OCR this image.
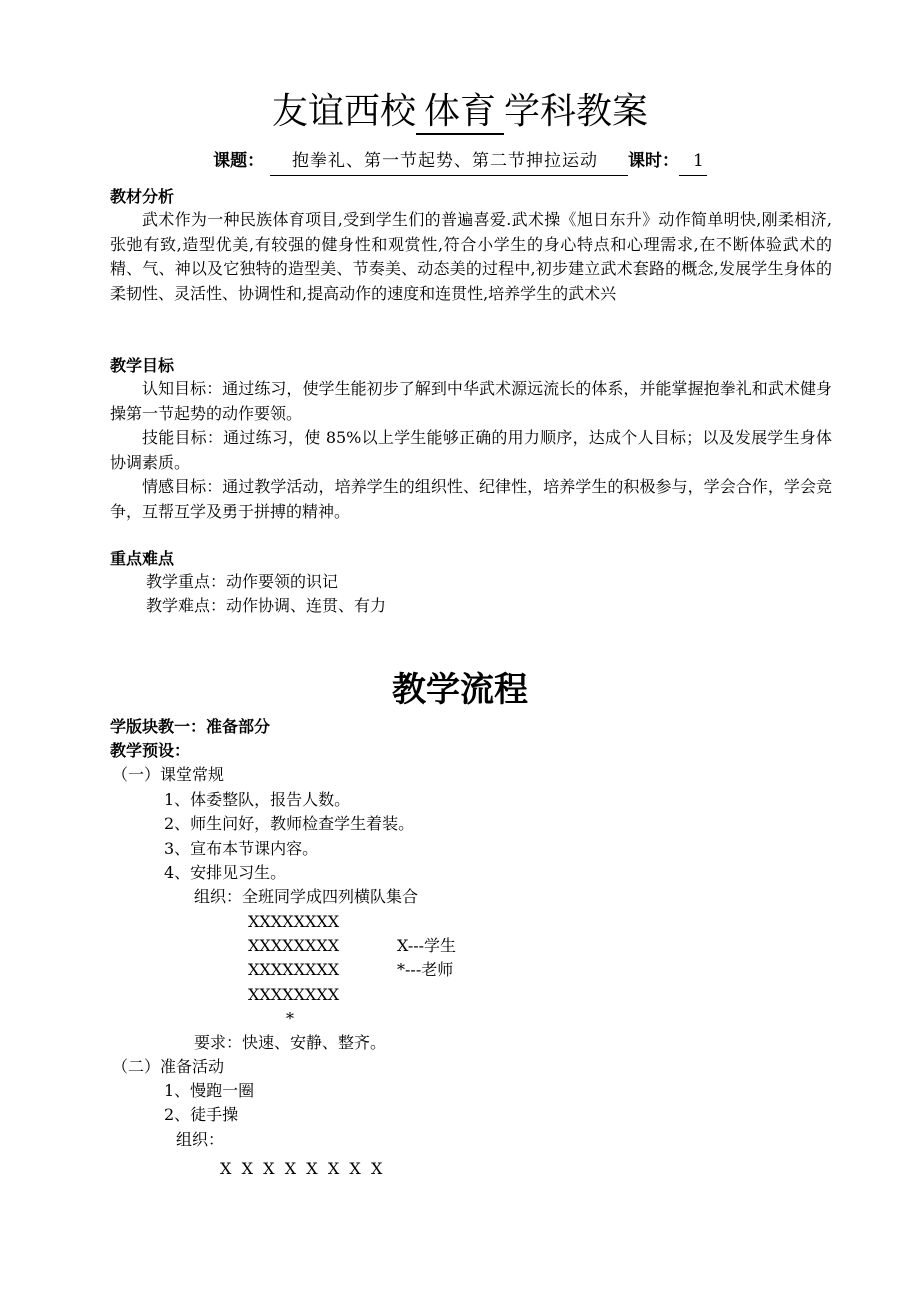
友谊西校 体育 学科教案
课题： 抱拳礼、第一节起势、第二节抻拉运动 课时： 1
教材分析
武术作为一种民族体育项目,受到学生们的普遍喜爱.武术操《旭日东升》动作简单明快,刚柔相济,张弛有致,造型优美,有较强的健身性和观赏性,符合小学生的身心特点和心理需求,在不断体验武术的精、气、神以及它独特的造型美、节奏美、动态美的过程中,初步建立武术套路的概念,发展学生身体的柔韧性、灵活性、协调性和,提高动作的速度和连贯性,培养学生的武术兴
教学目标
认知目标：通过练习，使学生能初步了解到中华武术源远流长的体系，并能掌握抱拳礼和武术健身操第一节起势的动作要领。
技能目标：通过练习，使 85%以上学生能够正确的用力顺序，达成个人目标；以及发展学生身体协调素质。
情感目标：通过教学活动，培养学生的组织性、纪律性，培养学生的积极参与，学会合作，学会竞争，互帮互学及勇于拼搏的精神。
重点难点
教学重点：动作要领的识记
教学难点：动作协调、连贯、有力
教学流程
学版块教一：准备部分
教学预设：
（一）课堂常规
1、体委整队，报告人数。
2、师生问好，教师检查学生着装。
3、宣布本节课内容。
4、安排见习生。
组织：全班同学成四列横队集合
XXXXXXXX
XXXXXXXX
XXXXXXXX
XXXXXXXX
X---学生
*---老师
*
要求：快速、安静、整齐。
（二）准备活动
1、慢跑一圈
2、徒手操
组织：
X  X  X  X  X  X  X  X
